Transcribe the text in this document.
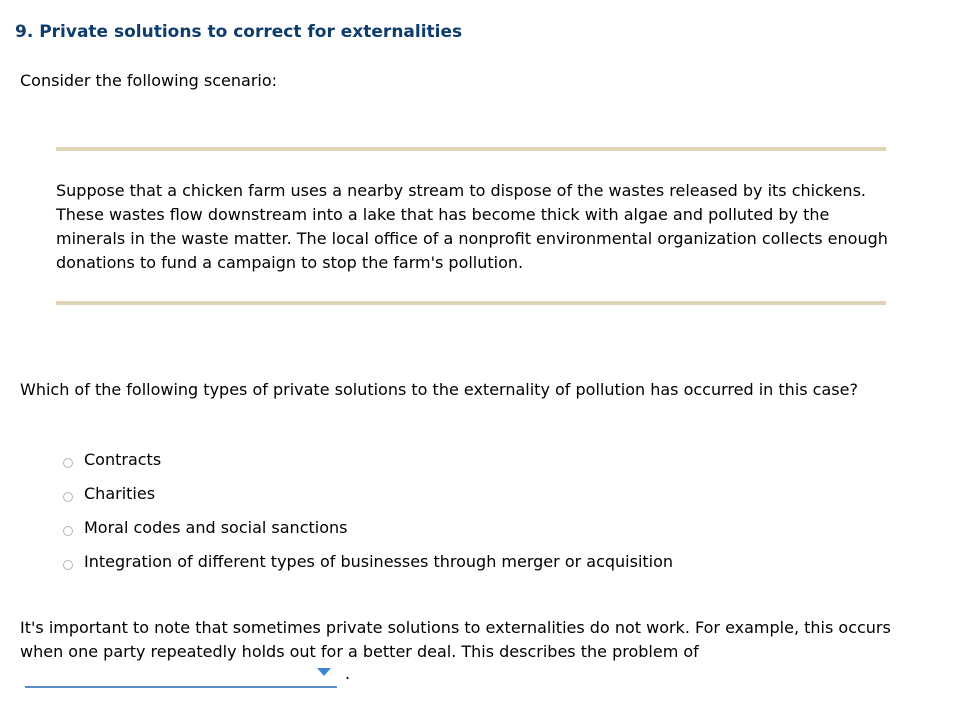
9. Private solutions to correct for externalities

Consider the following scenario:

Suppose that a chicken farm uses a nearby stream to dispose of the wastes released by its chickens. These wastes flow downstream into a lake that has become thick with algae and polluted by the minerals in the waste matter. The local office of a nonprofit environmental organization collects enough donations to fund a campaign to stop the farm's pollution.

Which of the following types of private solutions to the externality of pollution has occurred in this case?

Contracts
Charities
Moral codes and social sanctions
Integration of different types of businesses through merger or acquisition

It's important to note that sometimes private solutions to externalities do not work. For example, this occurs when one party repeatedly holds out for a better deal. This describes the problem of

.
